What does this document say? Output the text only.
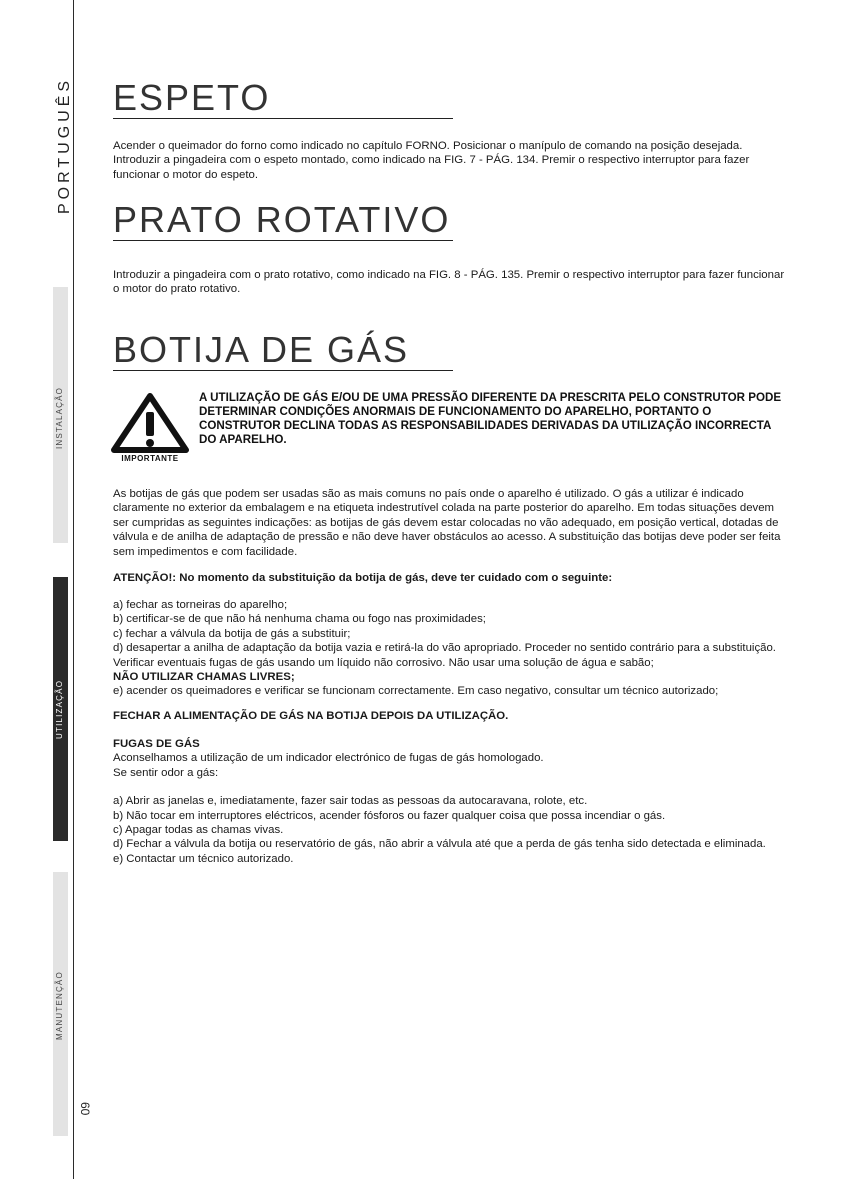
PORTUGUÊS
INSTALAÇÃO
UTILIZAÇÃO
MANUTENÇÃO
60
ESPETO

Acender o queimador do forno como indicado no capítulo FORNO. Posicionar o manípulo de comando na posição desejada. Introduzir a pingadeira com o espeto montado, como indicado na FIG. 7 - PÁG. 134. Premir o respectivo interruptor para fazer funcionar o motor do espeto.

PRATO ROTATIVO

Introduzir a pingadeira com o prato rotativo, como indicado na FIG. 8 - PÁG. 135. Premir o respectivo interruptor para fazer funcionar o motor do prato rotativo.

BOTIJA DE GÁS
IMPORTANTE

A UTILIZAÇÃO DE GÁS E/OU DE UMA PRESSÃO DIFERENTE DA PRESCRITA PELO CONSTRUTOR PODE DETERMINAR CONDIÇÕES ANORMAIS DE FUNCIONAMENTO DO APARELHO, PORTANTO O CONSTRUTOR DECLINA TODAS AS RESPONSABILIDADES DERIVADAS DA UTILIZAÇÃO INCORRECTA DO APARELHO.

As botijas de gás que podem ser usadas são as mais comuns no país onde o aparelho é utilizado. O gás a utilizar é indicado claramente no exterior da embalagem e na etiqueta indestrutível colada na parte posterior do aparelho. Em todas situações devem ser cumpridas as seguintes indicações: as botijas de gás devem estar colocadas no vão adequado, em posição vertical, dotadas de válvula e de anilha de adaptação de pressão e não deve haver obstáculos ao acesso. A substituição das botijas deve poder ser feita sem impedimentos e com facilidade.

ATENÇÃO!: No momento da substituição da botija de gás, deve ter cuidado com o seguinte:

a) fechar as torneiras do aparelho;
b) certificar-se de que não há nenhuma chama ou fogo nas proximidades;
c) fechar a válvula da botija de gás a substituir;
d) desapertar a anilha de adaptação da botija vazia e retirá-la do vão apropriado. Proceder no sentido contrário para a substituição. Verificar eventuais fugas de gás usando um líquido não corrosivo. Não usar uma solução de água e sabão;
NÃO UTILIZAR CHAMAS LIVRES;
e) acender os queimadores e verificar se funcionam correctamente. Em caso negativo, consultar um técnico autorizado;

FECHAR A ALIMENTAÇÃO DE GÁS NA BOTIJA DEPOIS DA UTILIZAÇÃO.

FUGAS DE GÁS
Aconselhamos a utilização de um indicador electrónico de fugas de gás homologado.
Se sentir odor a gás:
a) Abrir as janelas e, imediatamente, fazer sair todas as pessoas da autocaravana, rolote, etc.
b) Não tocar em interruptores eléctricos, acender fósforos ou fazer qualquer coisa que possa incendiar o gás.
c) Apagar todas as chamas vivas.
d) Fechar a válvula da botija ou reservatório de gás, não abrir a válvula até que a perda de gás tenha sido detectada e eliminada.
e) Contactar um técnico autorizado.
